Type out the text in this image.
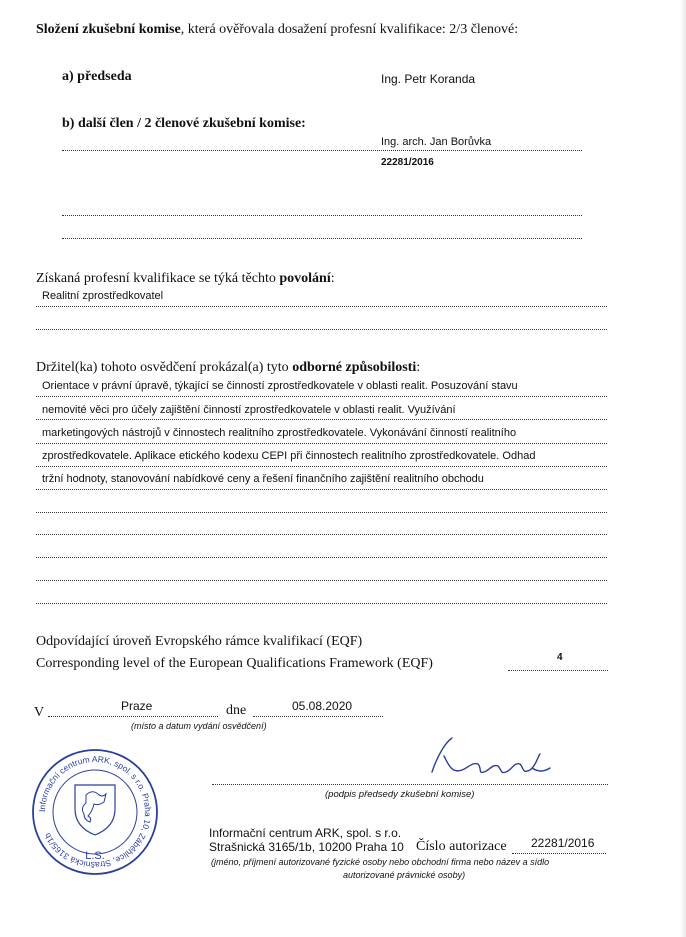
Složení zkušební komise, která ověřovala dosažení profesní kvalifikace: 2/3 členové:
a) předseda	Ing. Petr Koranda
b) další člen / 2 členové zkušební komise:
Ing. arch. Jan Borůvka
22281/2016
Získaná profesní kvalifikace se týká těchto povolání:
Realitní zprostředkovatel
Držitel(ka) tohoto osvědčení prokázal(a) tyto odborné způsobilosti:
Orientace v právní úpravě, týkající se činností zprostředkovatele v oblasti realit. Posuzování stavu
nemovité věci pro účely zajištění činností zprostředkovatele v oblasti realit. Využívání
marketingových nástrojů v činnostech realitního zprostředkovatele. Vykonávání činností realitního
zprostředkovatele. Aplikace etického kodexu CEPI při činnostech realitního zprostředkovatele. Odhad
tržní hodnoty, stanovování nabídkové ceny a řešení finančního zajištění realitního obchodu
Odpovídající úroveň Evropského rámce kvalifikací (EQF)
Corresponding level of the European Qualifications Framework (EQF)	4
V	Praze	dne	05.08.2020
(místo a datum vydání osvědčení)
Informační centrum ARK, spol. s r.o. Praha 10, Záběhlice, Strašnická 3165/1b
L.S.
Koranda
(podpis předsedy zkušební komise)
Informační centrum ARK, spol. s r.o.
Strašnická 3165/1b, 10200 Praha 10 Číslo autorizace 22281/2016
(jméno, příjmení autorizované fyzické osoby nebo obchodní firma nebo název a sídlo
autorizované právnické osoby)
